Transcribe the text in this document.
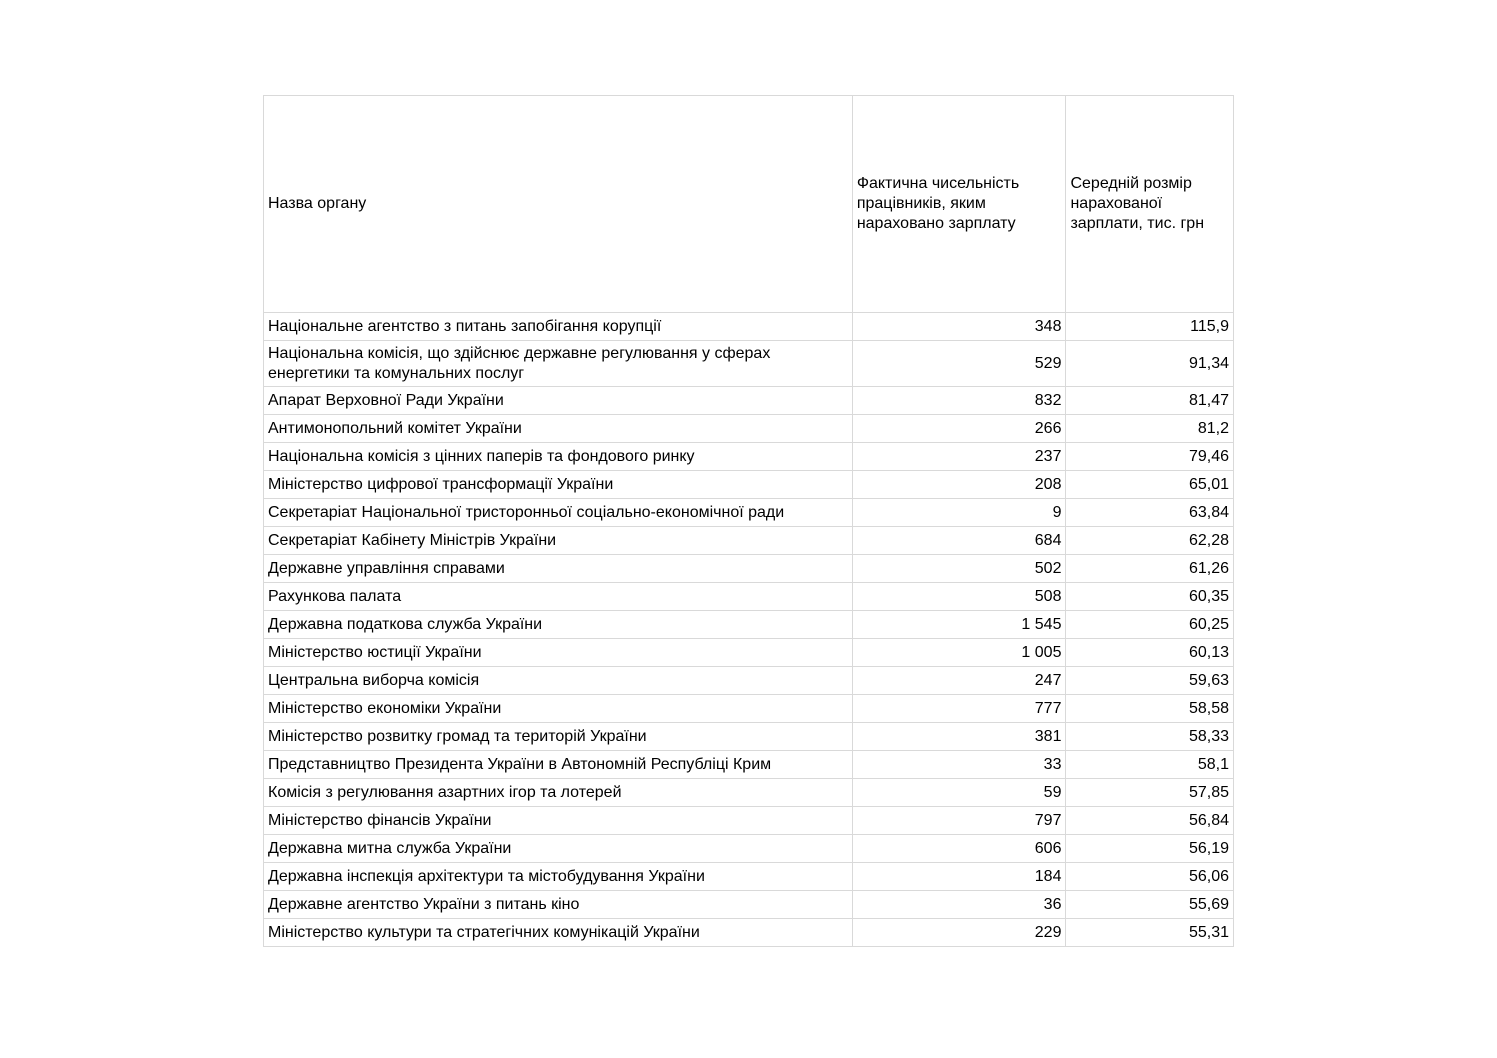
Назва органу	Фактична чисельність працівників, яким нараховано зарплату	Середній розмір нарахованої зарплати, тис. грн
Національне агентство з питань запобігання корупції	348	115,9
Національна комісія, що здійснює державне регулювання у сферах енергетики та комунальних послуг	529	91,34
Апарат Верховної Ради України	832	81,47
Антимонопольний комітет України	266	81,2
Національна комісія з цінних паперів та фондового ринку	237	79,46
Міністерство цифрової трансформації України	208	65,01
Секретаріат Національної тристоронньої соціально-економічної ради	9	63,84
Секретаріат Кабінету Міністрів України	684	62,28
Державне управління справами	502	61,26
Рахункова палата	508	60,35
Державна податкова служба України	1 545	60,25
Міністерство юстиції України	1 005	60,13
Центральна виборча комісія	247	59,63
Міністерство економіки України	777	58,58
Міністерство розвитку громад та територій України	381	58,33
Представництво Президента України в Автономній Республіці Крим	33	58,1
Комісія з регулювання азартних ігор та лотерей	59	57,85
Міністерство фінансів України	797	56,84
Державна митна служба України	606	56,19
Державна інспекція архітектури та містобудування України	184	56,06
Державне агентство України з питань кіно	36	55,69
Міністерство культури та стратегічних комунікацій України	229	55,31
